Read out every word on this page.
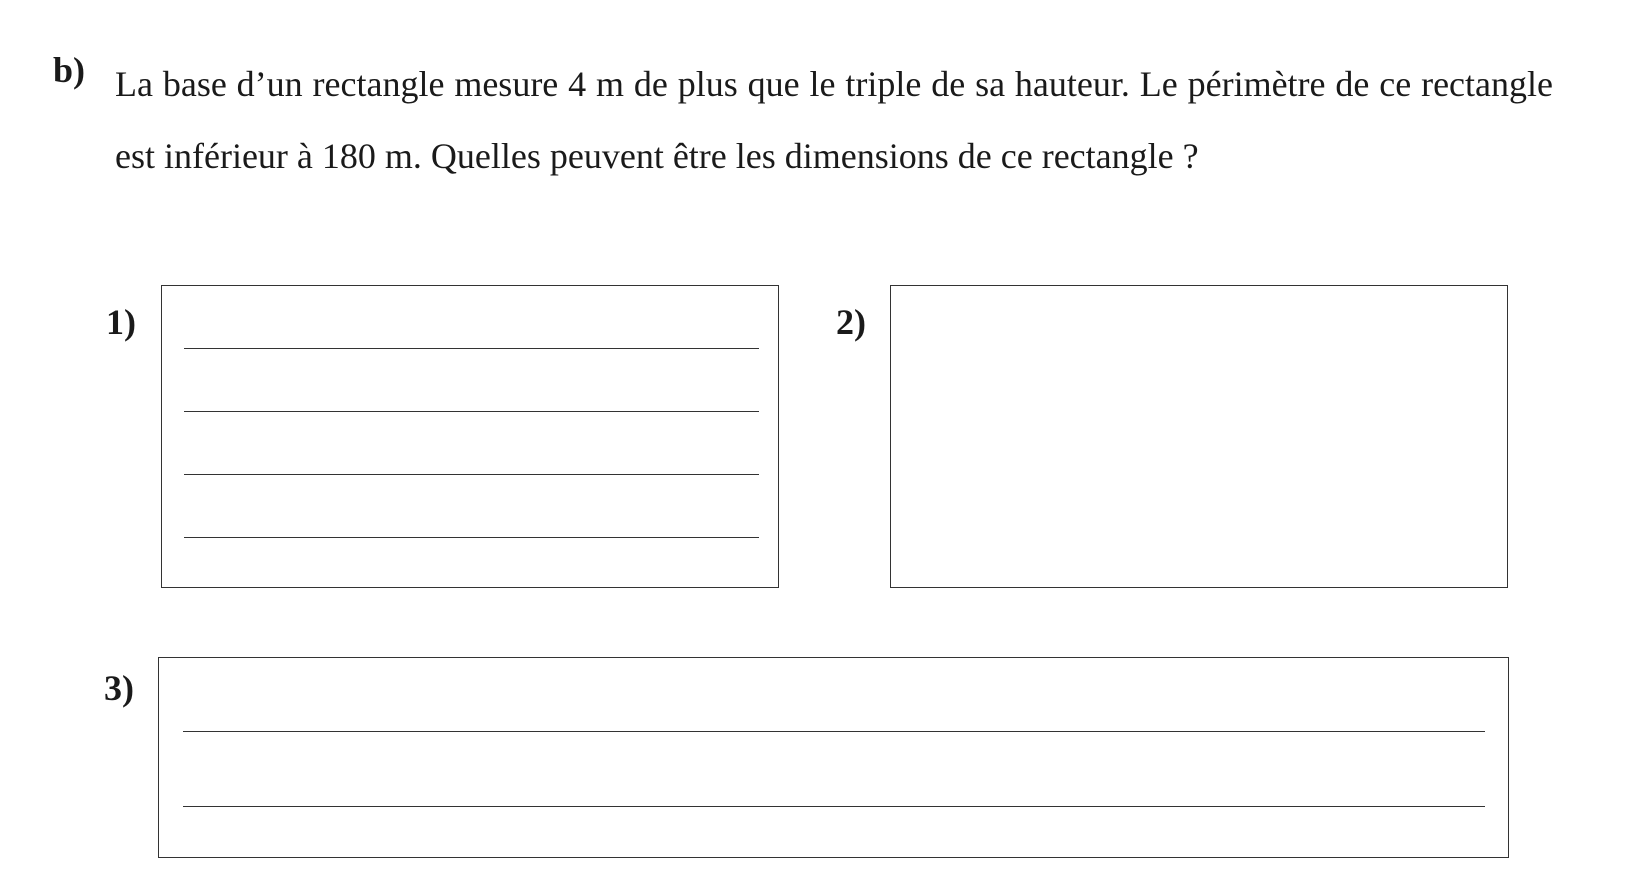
b) La base d’un rectangle mesure 4 m de plus que le triple de sa hauteur. Le périmètre de ce rectangle est inférieur à 180 m. Quelles peuvent être les dimensions de ce rectangle ?
1)	2)
3)
